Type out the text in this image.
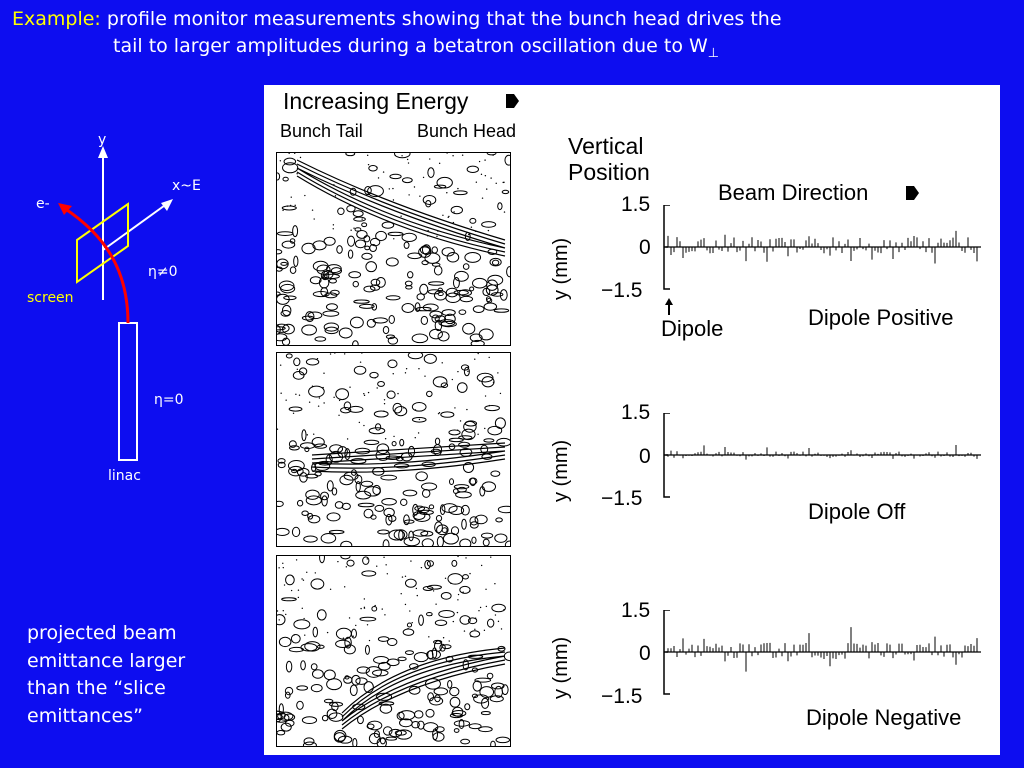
Example: profile monitor measurements showing that the bunch head drives the
tail to larger amplitudes during a betatron oscillation due to $W_\perp$
y
x~E
e-
screen
η≠0
η=0
linac
projected beam
emittance larger
than the “slice
emittances”
Increasing Energy
Bunch Tail	Bunch Head
Vertical
Position
Beam Direction
y (mm)
1.5
0
−1.5
Dipole	Dipole Positive
y (mm)
1.5
0
−1.5
Dipole Off
y (mm)
1.5
0
−1.5
Dipole Negative
